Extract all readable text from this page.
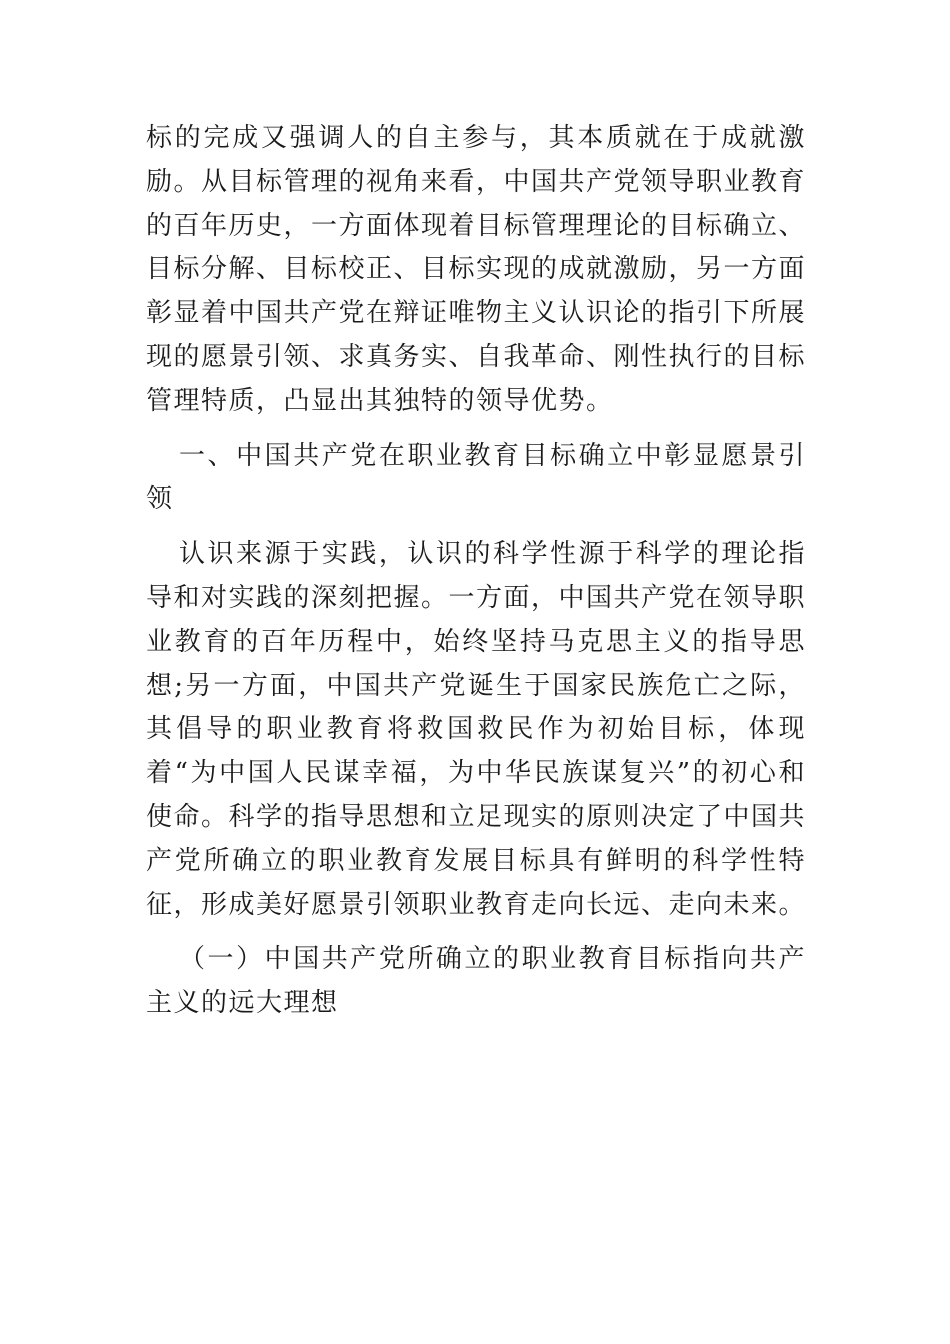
标的完成又强调人的自主参与，其本质就在于成就激励。从目标管理的视角来看，中国共产党领导职业教育的百年历史，一方面体现着目标管理理论的目标确立、目标分解、目标校正、目标实现的成就激励，另一方面彰显着中国共产党在辩证唯物主义认识论的指引下所展现的愿景引领、求真务实、自我革命、刚性执行的目标管理特质，凸显出其独特的领导优势。

一、中国共产党在职业教育目标确立中彰显愿景引领

认识来源于实践，认识的科学性源于科学的理论指导和对实践的深刻把握。一方面，中国共产党在领导职业教育的百年历程中，始终坚持马克思主义的指导思想;另一方面，中国共产党诞生于国家民族危亡之际，其倡导的职业教育将救国救民作为初始目标，体现着“为中国人民谋幸福，为中华民族谋复兴”的初心和使命。科学的指导思想和立足现实的原则决定了中国共产党所确立的职业教育发展目标具有鲜明的科学性特征，形成美好愿景引领职业教育走向长远、走向未来。

（一）中国共产党所确立的职业教育目标指向共产主义的远大理想
